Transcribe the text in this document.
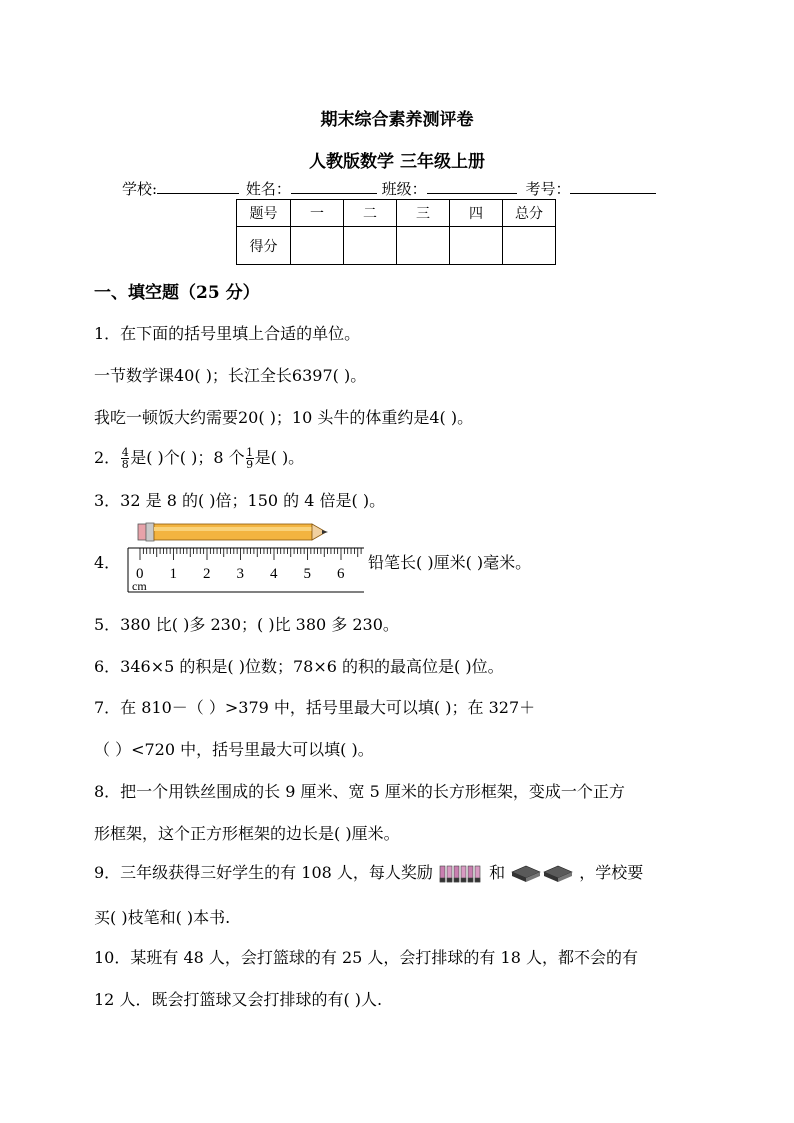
期末综合素养测评卷
人教版数学 三年级上册
学校:	姓名：	班级：	考号：
题号	一	二	三	四	总分
得分					
一、填空题（25 分）
1．在下面的括号里填上合适的单位。
一节数学课40( )；长江全长6397( )。
我吃一顿饭大约需要20( )；10 头牛的体重约是4( )。
2． $\frac{4}{8}$ 是( )个( )；8 个 $\frac{1}{9}$ 是( )。
3．32 是 8 的( )倍；150 的 4 倍是( )。
4．
0 1 2 3 4 5 6
cm
铅笔长( )厘米( )毫米。
5．380 比( )多 230；( )比 380 多 230。
6．346×5 的积是( )位数；78×6 的积的最高位是( )位。
7．在 810－（ ）>379 中，括号里最大可以填( )；在 327＋
（ ）<720 中，括号里最大可以填( )。
8．把一个用铁丝围成的长 9 厘米、宽 5 厘米的长方形框架，变成一个正方
形框架，这个正方形框架的边长是( )厘米。
9．三年级获得三好学生的有 108 人，每人奖励	和	，学校要
买( )枝笔和( )本书.
10．某班有 48 人，会打篮球的有 25 人，会打排球的有 18 人，都不会的有
12 人．既会打篮球又会打排球的有( )人.
